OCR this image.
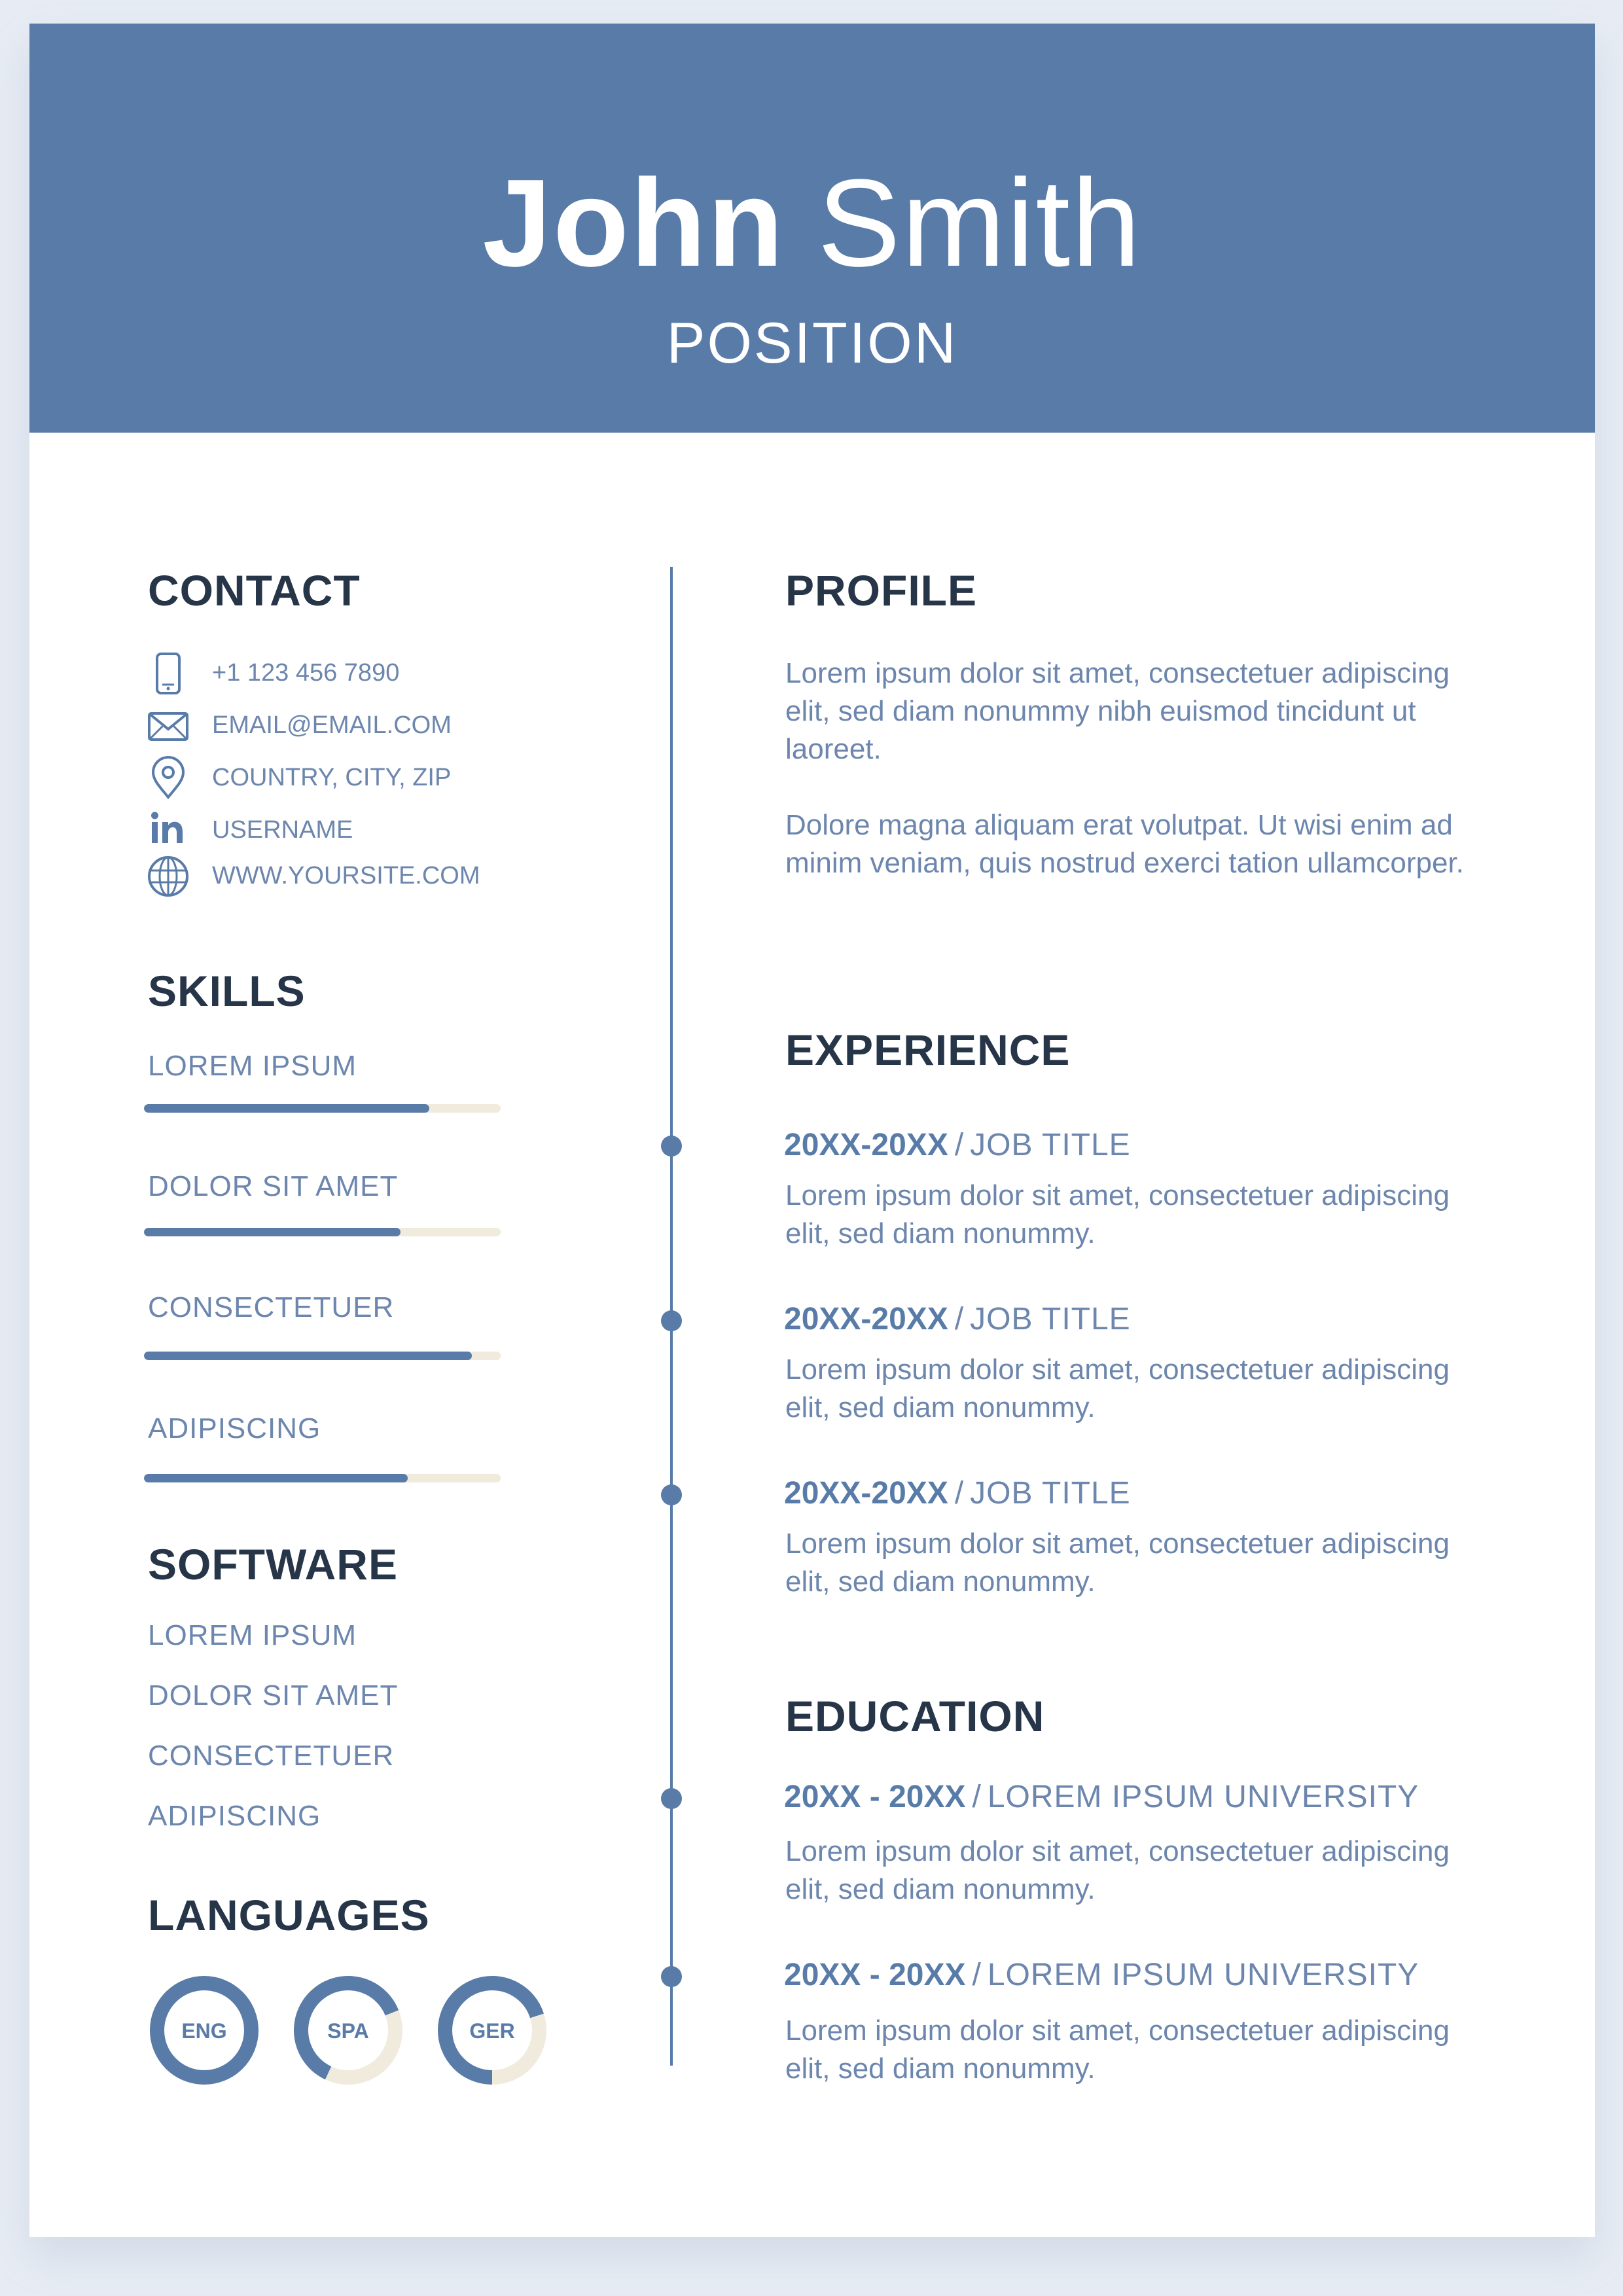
John Smith
POSITION
CONTACT
+1 123 456 7890
EMAIL@EMAIL.COM
COUNTRY, CITY, ZIP
USERNAME
WWW.YOURSITE.COM
SKILLS
LOREM IPSUM
DOLOR SIT AMET
CONSECTETUER
ADIPISCING
SOFTWARE
LOREM IPSUM
DOLOR SIT AMET
CONSECTETUER
ADIPISCING
LANGUAGES
ENG	SPA	GER
PROFILE
Lorem ipsum dolor sit amet, consectetuer adipiscing elit, sed diam nonummy nibh euismod tincidunt ut laoreet.
Dolore magna aliquam erat volutpat. Ut wisi enim ad minim veniam, quis nostrud exerci tation ullamcorper.
EXPERIENCE
20XX-20XX / JOB TITLE
Lorem ipsum dolor sit amet, consectetuer adipiscing elit, sed diam nonummy.
20XX-20XX / JOB TITLE
Lorem ipsum dolor sit amet, consectetuer adipiscing elit, sed diam nonummy.
20XX-20XX / JOB TITLE
Lorem ipsum dolor sit amet, consectetuer adipiscing elit, sed diam nonummy.
EDUCATION
20XX - 20XX / LOREM IPSUM UNIVERSITY
Lorem ipsum dolor sit amet, consectetuer adipiscing elit, sed diam nonummy.
20XX - 20XX / LOREM IPSUM UNIVERSITY
Lorem ipsum dolor sit amet, consectetuer adipiscing elit, sed diam nonummy.
